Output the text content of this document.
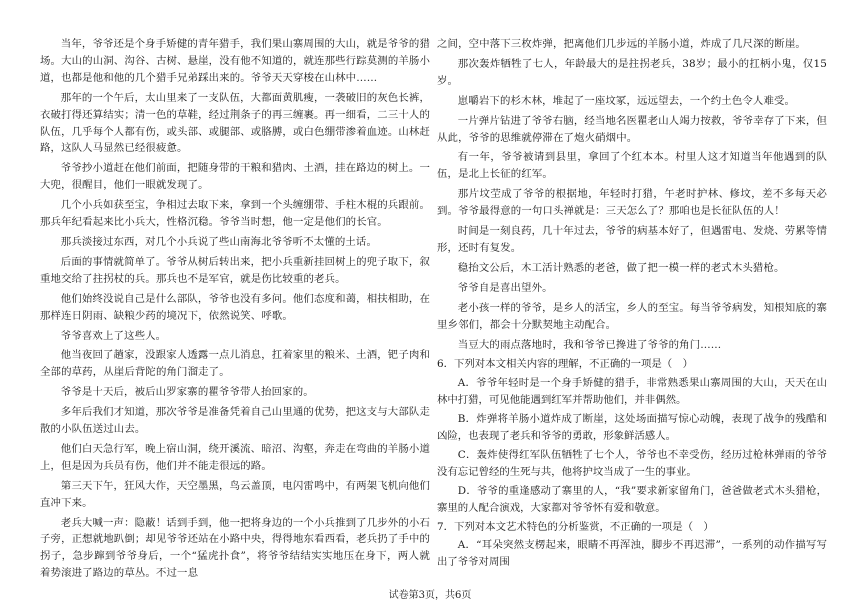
当年，爷爷还是个身手矫健的青年猎手，我们果山寨周围的大山，就是爷爷的猎场。大山的山洞、沟谷、古树、悬崖，没有他不知道的，就连那些行踪莫测的羊肠小道，也都是他和他的几个猎手兄弟踩出来的。爷爷天天穿梭在山林中……

那年的一个午后，太山里来了一支队伍，大都面黄肌瘦，一袭破旧的灰色长裤，衣破打得还算结实；清一色的草鞋，经过荆条子的再三缠裹。再一细看，二三十人的队伍，几乎每个人都有伤，或头部、或腿部、或胳膊，或白色绷带渗着血迹。山林赶路，这队人马显然已经很疲惫。

爷爷抄小道赶在他们前面，把随身带的干粮和猎肉、土酒，挂在路边的树上。一大兜，很醒目，他们一眼就发现了。

几个小兵如获至宝，争相过去取下来，拿到一个头缠绷带、手柱木棍的兵跟前。那兵年纪看起来比小兵大，性格沉稳。爷爷当时想，他一定是他们的长官。

那兵淡接过东西，对几个小兵说了些山南海北爷爷听不太懂的土话。

后面的事情就简单了。爷爷从树后转出来，把小兵重新挂回树上的兜子取下，叙重地交给了拄拐杖的兵。那兵也不是军官，就是伤比较重的老兵。

他们始终没说自己是什么部队，爷爷也没有多问。他们态度和蔼，相扶相助，在那样连日阴雨、缺粮少药的境况下，依然说笑、呼歌。

爷爷喜欢上了这些人。

他当夜回了趟家，没跟家人透露一点儿消息，扛着家里的粮米、土酒，钯子肉和全部的草药，从崖后背陀的角门溜走了。

爷爷是十天后，被后山罗家寨的瞿爷爷带人抬回家的。

多年后我们才知道，那次爷爷是准备凭着自己山里通的优势，把这支与大部队走散的小队伍送过山去。

他们白天急行军，晚上宿山洞，绕开溪流、暗沼、沟壑，奔走在弯曲的羊肠小道上，但是因为兵员有伤，他们并不能走很远的路。

第三天下午，狂风大作，天空墨黑，鸟云盖顶，电闪雷鸣中，有两架飞机向他们直冲下来。

老兵大喊一声：隐蔽！话到手到，他一把将身边的一个小兵推到了几步外的小石子旁，正想就地趴倒；却见爷爷还站在小路中央，得得地东看西看，老兵扔了手中的拐子，急步蹿到爷爷身后，一个“猛虎扑食”，将爷爷结结实实地压在身下，两人就着势滚进了路边的草丛。不过一息

之间，空中落下三枚炸弹，把离他们几步远的羊肠小道，炸成了几尺深的断崖。

那次轰炸牺牲了七人，年龄最大的是拄拐老兵，38岁；最小的扛柄小鬼，仅15岁。

崽嚼岩下的杉木林，堆起了一座坟冢，远远望去，一个约土色令人难受。

一片弹片钻进了爷爷右脑，经当地名医瞿老山人竭力按救，爷爷幸存了下来，但从此，爷爷的思维就停滞在了炮火硝烟中。

有一年，爷爷被请到县里，拿回了个红本本。村里人这才知道当年他遇到的队伍，是北上长征的红军。

那片坟茔成了爷爷的根据地，年轻时打猎，午老时护林、修坟，差不多每天必到。爷爷最得意的一句口头禅就是：三天怎么了？那咱也是长征队伍的人！

时间是一刻良药，几十年过去，爷爷的病基本好了，但遇雷电、发烧、劳累等情形，还时有复发。

稳抬文公后，木工活计熟悉的老爸，做了把一模一样的老式木头猎枪。

爷爷自是喜出望外。

老小孩一样的爷爷，是乡人的活宝，乡人的至宝。每当爷爷病发，知根知底的寨里乡邻们，都会十分默契地主动配合。

当豆大的雨点落地时，我和爷爷已搀进了爷爷的角门……

6．下列对本文相关内容的理解，不正确的一项是（　）

A．爷爷年轻时是一个身手矫健的猎手，非常熟悉果山寨周围的大山，天天在山林中打猎，可见他能遇到红军并帮助他们，并非偶然。

B．炸弹将羊肠小道炸成了断崖，这处场面描写惊心动魄，表现了战争的残酷和凶险，也表现了老兵和爷爷的勇敢，形象鲜活感人。

C．轰炸使得红军队伍牺牲了七个人，爷爷也不幸受伤，经历过枪林弹雨的爷爷没有忘记曾经的生死与共，他将护坟当成了一生的事业。

D．爷爷的重逢感动了寨里的人，“我”要求新家留角门，爸爸做老式木头猎枪，寨里的人配合演戏，大家都对爷爷怀有爱和敬意。

7．下列对本文艺术特色的分析鉴赏，不正确的一项是（　）

A．“耳朵突然支楞起来，眼睛不再浑浊，脚步不再迟滞”，一系列的动作描写写出了爷爷对周围

试卷第3页，共6页
